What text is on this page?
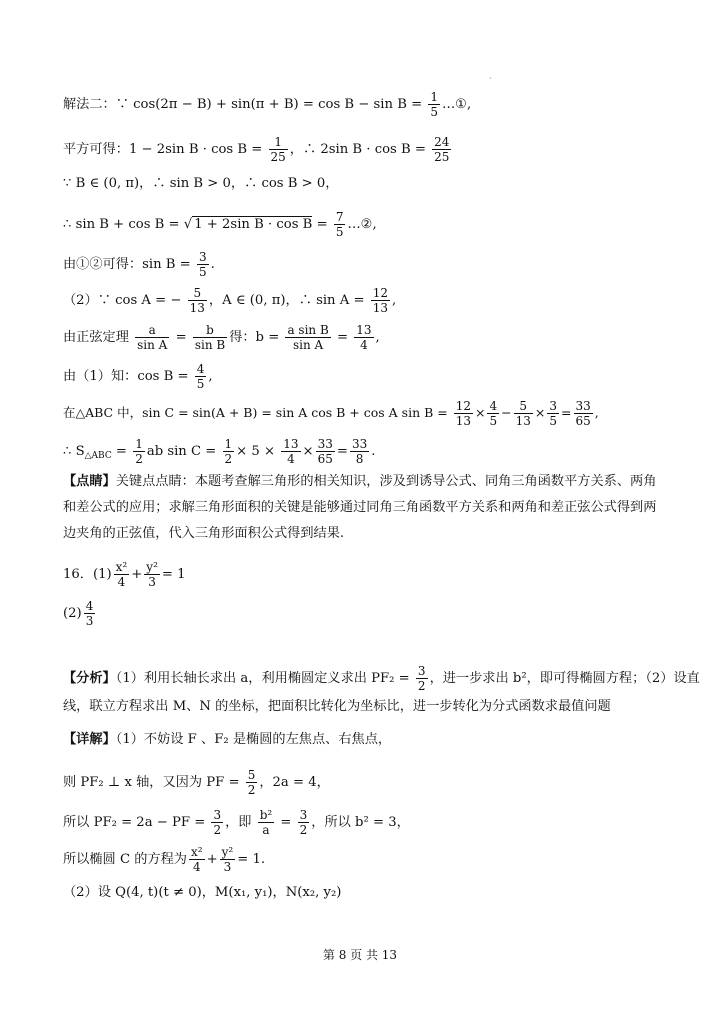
·
解法二：∵ $\cos(2\pi - B) + \sin(\pi + B) = \cos B - \sin B = \frac{1}{5}$ …①,
平方可得：1 − 2sin $B \cdot \cos B = \frac{1}{25}$ ，∴ 2sin $B \cdot \cos B = \frac{24}{25}$
∵ B ∈ (0, π)，∴ sin B > 0，∴ cos B > 0，
∴ sin B + cos B = √ 1 + 2sin $B \cdot \cos B = \frac{7}{5}$ …②,
由①②可得：$\sin B = \frac{3}{5}$ .
（2）∵ cos A = − $\frac{5}{13}$ ，A ∈ (0, π)，∴ $\sin A = \frac{12}{13}$ ,
由正弦定理 $\frac{a}{\text{sin A}} = \frac{b}{\text{sin B}}$ 得：$b = \frac{\text{a sin B}}{\text{sin A}} = \frac{13}{4}$ ,
由（1）知：$\cos B = \frac{4}{5}$ ,
在△ABC 中，sin C = sin(A + B) = sin A cos B + cos A $\sin B = \frac{12}{13} \times \frac{4}{5} - \frac{5}{13} \times \frac{3}{5} = \frac{33}{65}$ ,
∴ $S_{\triangle ABC} = \frac{1}{2}$ ab $\sin C = \frac{1}{2} \times 5 \times \frac{13}{4} \times \frac{33}{65} = \frac{33}{8}$ .
【点睛】关键点点睛：本题考查解三角形的相关知识，涉及到诱导公式、同角三角函数平方关系、两角和差公式的应用；求解三角形面积的关键是能够通过同角三角函数平方关系和两角和差正弦公式得到两边夹角的正弦值，代入三角形面积公式得到结果.
16．$(1) \frac{\text{x²}}{4} + \frac{\text{y²}}{3} = 1$
$(2) \frac{4}{3}$
【分析】（1）利用长轴长求出 a，利用椭圆定义求出 $PF_2 = \frac{3}{2}$ ，进一步求出 b²，即可得椭圆方程；（2）设直
线，联立方程求出 M、N 的坐标，把面积比转化为坐标比，进一步转化为分式函数求最值问题
【详解】（1）不妨设 F 、F₂ 是椭圆的左焦点、右焦点，
则 PF₂ ⊥ x 轴，又因为 PF = $\frac{5}{2}$ ，2a = 4，
所以 PF₂ = 2a − PF = $\frac{3}{2}$ ，即 $\frac{\text{b²}}{a} = \frac{3}{2}$ ，所以 b² = 3，
所以椭圆 C 的方程为 $\frac{\text{x²}}{4} + \frac{\text{y²}}{3} = 1$.
（2）设 Q(4, t)(t ≠ 0)，M(x₁, y₁)，N(x₂, y₂)
第 8 页 共 13
